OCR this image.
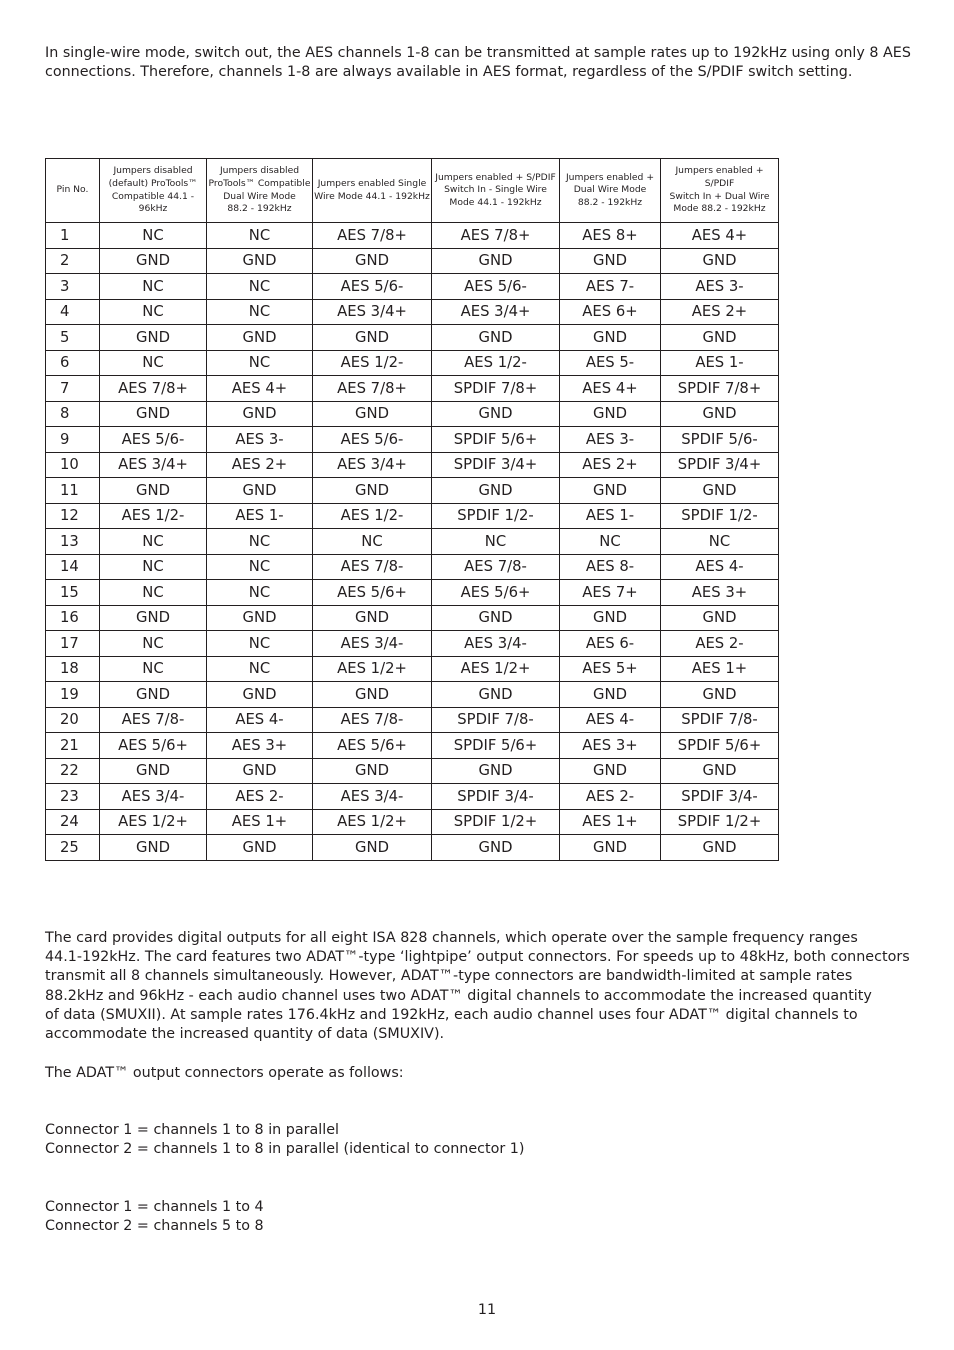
In single-wire mode, switch out, the AES channels 1-8 can be transmitted at sample rates up to 192kHz using only 8 AES
connections. Therefore, channels 1-8 are always available in AES format, regardless of the S/PDIF switch setting.

Pin No.	Jumpers disabled
(default) ProTools™
Compatible 44.1 - 96kHz	Jumpers disabled
ProTools™ Compatible
Dual Wire Mode
88.2 - 192kHz	Jumpers enabled Single
Wire Mode 44.1 - 192kHz	Jumpers enabled + S/PDIF
Switch In - Single Wire
Mode 44.1 - 192kHz	Jumpers enabled +
Dual Wire Mode
88.2 - 192kHz	Jumpers enabled + S/PDIF
Switch In + Dual Wire
Mode 88.2 - 192kHz

1	NC	NC	AES 7/8+	AES 7/8+	AES 8+	AES 4+
2	GND	GND	GND	GND	GND	GND
3	NC	NC	AES 5/6-	AES 5/6-	AES 7-	AES 3-
4	NC	NC	AES 3/4+	AES 3/4+	AES 6+	AES 2+
5	GND	GND	GND	GND	GND	GND
6	NC	NC	AES 1/2-	AES 1/2-	AES 5-	AES 1-
7	AES 7/8+	AES 4+	AES 7/8+	SPDIF 7/8+	AES 4+	SPDIF 7/8+
8	GND	GND	GND	GND	GND	GND
9	AES 5/6-	AES 3-	AES 5/6-	SPDIF 5/6+	AES 3-	SPDIF 5/6-
10	AES 3/4+	AES 2+	AES 3/4+	SPDIF 3/4+	AES 2+	SPDIF 3/4+
11	GND	GND	GND	GND	GND	GND
12	AES 1/2-	AES 1-	AES 1/2-	SPDIF 1/2-	AES 1-	SPDIF 1/2-
13	NC	NC	NC	NC	NC	NC
14	NC	NC	AES 7/8-	AES 7/8-	AES 8-	AES 4-
15	NC	NC	AES 5/6+	AES 5/6+	AES 7+	AES 3+
16	GND	GND	GND	GND	GND	GND
17	NC	NC	AES 3/4-	AES 3/4-	AES 6-	AES 2-
18	NC	NC	AES 1/2+	AES 1/2+	AES 5+	AES 1+
19	GND	GND	GND	GND	GND	GND
20	AES 7/8-	AES 4-	AES 7/8-	SPDIF 7/8-	AES 4-	SPDIF 7/8-
21	AES 5/6+	AES 3+	AES 5/6+	SPDIF 5/6+	AES 3+	SPDIF 5/6+
22	GND	GND	GND	GND	GND	GND
23	AES 3/4-	AES 2-	AES 3/4-	SPDIF 3/4-	AES 2-	SPDIF 3/4-
24	AES 1/2+	AES 1+	AES 1/2+	SPDIF 1/2+	AES 1+	SPDIF 1/2+
25	GND	GND	GND	GND	GND	GND

The card provides digital outputs for all eight ISA 828 channels, which operate over the sample frequency ranges
44.1-192kHz. The card features two ADAT™-type ‘lightpipe’ output connectors. For speeds up to 48kHz, both connectors
transmit all 8 channels simultaneously. However, ADAT™-type connectors are bandwidth-limited at sample rates
88.2kHz and 96kHz - each audio channel uses two ADAT™ digital channels to accommodate the increased quantity
of data (SMUXII). At sample rates 176.4kHz and 192kHz, each audio channel uses four ADAT™ digital channels to
accommodate the increased quantity of data (SMUXIV).

The ADAT™ output connectors operate as follows:

Connector 1 = channels 1 to 8 in parallel
Connector 2 = channels 1 to 8 in parallel (identical to connector 1)

Connector 1 = channels 1 to 4
Connector 2 = channels 5 to 8

11
